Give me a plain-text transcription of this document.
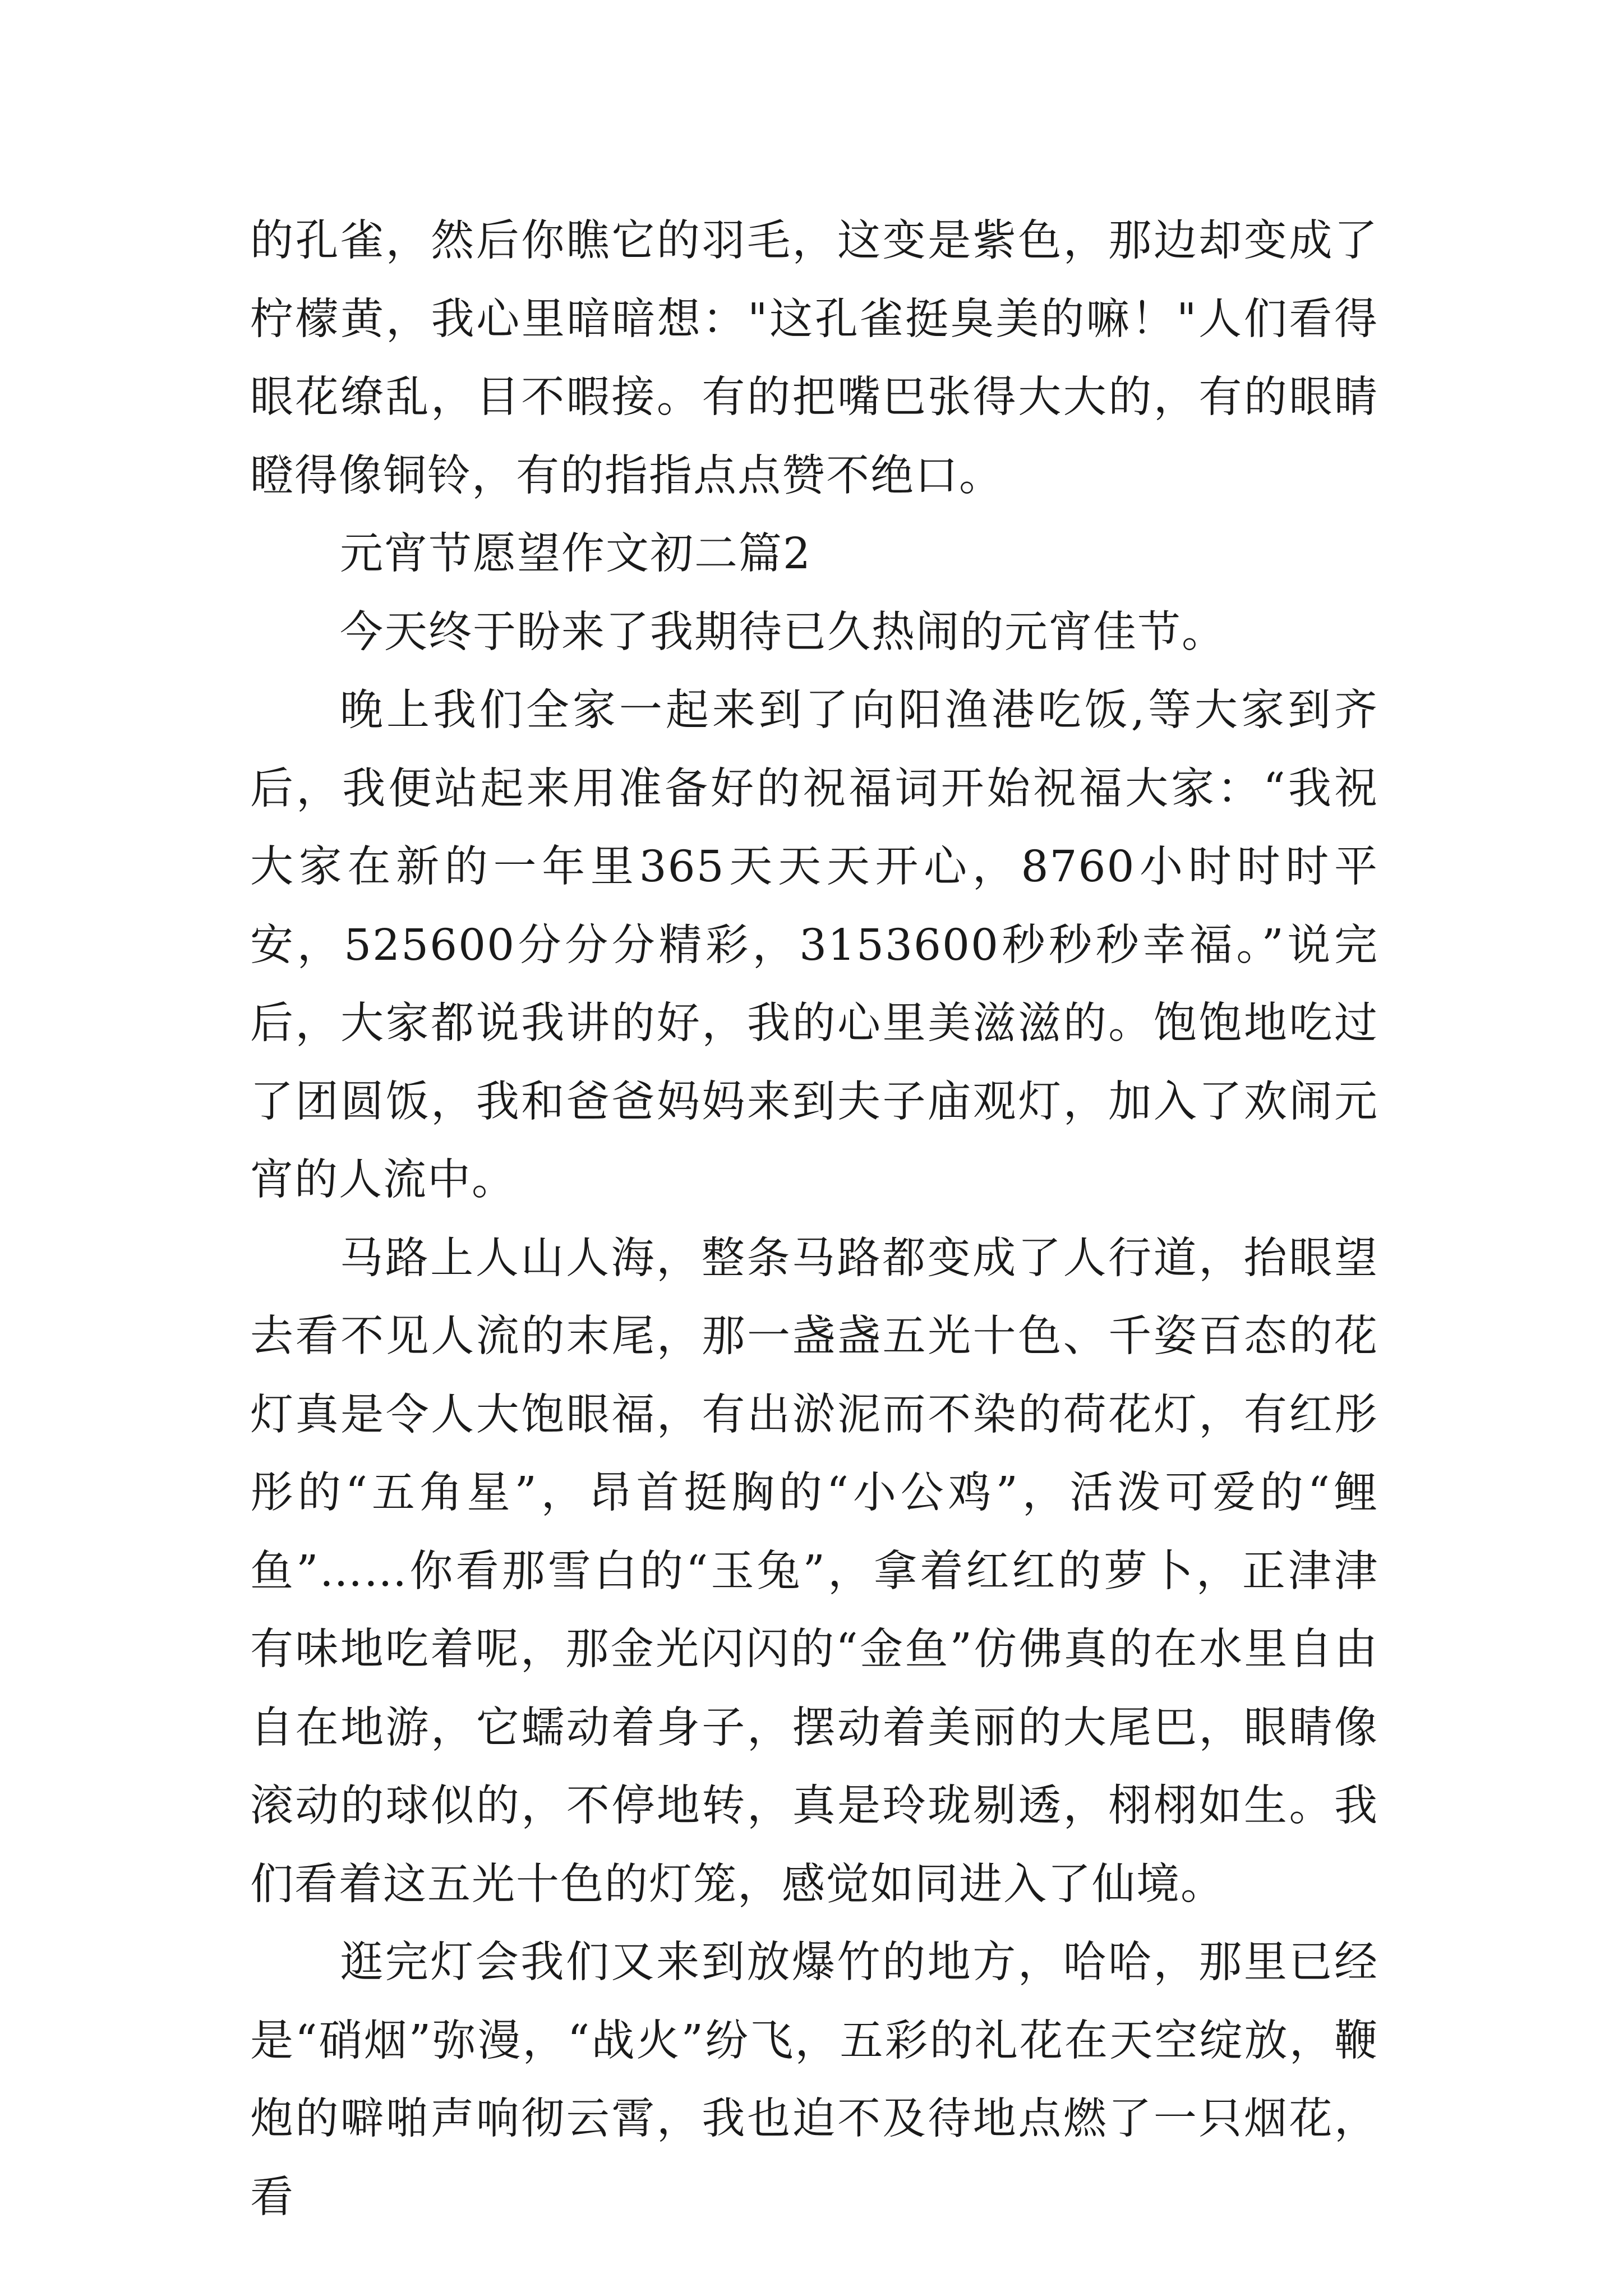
的孔雀，然后你瞧它的羽毛，这变是紫色，那边却变成了柠檬黄，我心里暗暗想："这孔雀挺臭美的嘛！"人们看得眼花缭乱，目不暇接。有的把嘴巴张得大大的，有的眼睛瞪得像铜铃，有的指指点点赞不绝口。

元宵节愿望作文初二篇2

今天终于盼来了我期待已久热闹的元宵佳节。

晚上我们全家一起来到了向阳渔港吃饭,等大家到齐后，我便站起来用准备好的祝福词开始祝福大家：“我祝大家在新的一年里365天天天开心，8760小时时时平安，525600分分分精彩，3153600秒秒秒幸福。”说完后，大家都说我讲的好，我的心里美滋滋的。饱饱地吃过了团圆饭，我和爸爸妈妈来到夫子庙观灯，加入了欢闹元宵的人流中。

马路上人山人海，整条马路都变成了人行道，抬眼望去看不见人流的末尾，那一盏盏五光十色、千姿百态的花灯真是令人大饱眼福，有出淤泥而不染的荷花灯，有红彤彤的“五角星”，昂首挺胸的“小公鸡”，活泼可爱的“鲤鱼”……你看那雪白的“玉兔”，拿着红红的萝卜，正津津有味地吃着呢，那金光闪闪的“金鱼”仿佛真的在水里自由自在地游，它蠕动着身子，摆动着美丽的大尾巴，眼睛像滚动的球似的，不停地转，真是玲珑剔透，栩栩如生。我们看着这五光十色的灯笼，感觉如同进入了仙境。

逛完灯会我们又来到放爆竹的地方，哈哈，那里已经是“硝烟”弥漫，“战火”纷飞，五彩的礼花在天空绽放，鞭炮的噼啪声响彻云霄，我也迫不及待地点燃了一只烟花，看
